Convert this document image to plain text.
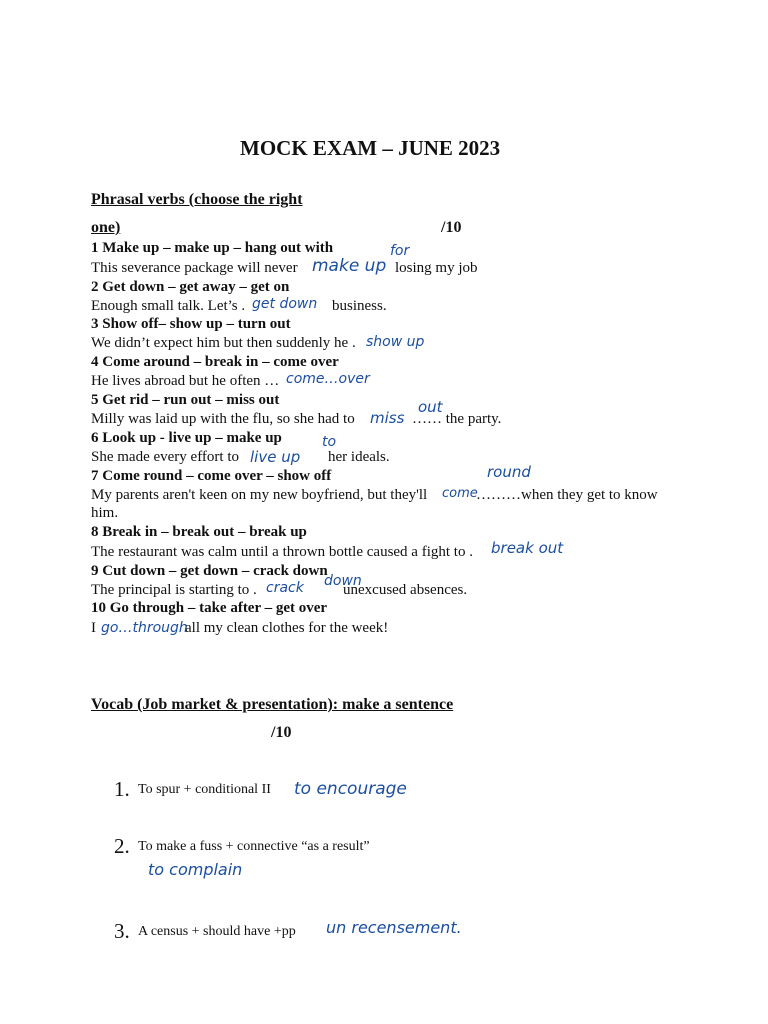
MOCK EXAM – JUNE 2023
Phrasal verbs (choose the right
one)	/10
1 Make up – make up – hang out with
This severance package will never make up
for
losing my job
2 Get down – get away – get on
Enough small talk. Let’s . get down business.
3 Show off– show up – turn out
We didn’t expect him but then suddenly he . show up
4 Come around – break in – come over
He lives abroad but he often … come…over
5 Get rid – run out – miss out
Milly was laid up with the flu, so she had to miss
out
…… the party.
6 Look up - live up – make up
She made every effort to live up
to
her ideals.
7 Come round – come over – show off
My parents aren't keen on my new boyfriend, but they'll come
round
………when they get to know
him.
8 Break in – break out – break up
The restaurant was calm until a thrown bottle caused a fight to . break out
9 Cut down – get down – crack down
The principal is starting to . crack down
unexcused absences.
10 Go through – take after – get over
I go…through
all my clean clothes for the week!
Vocab (Job market & presentation): make a sentence
/10
1. To spur + conditional II to encourage
2. To make a fuss + connective “as a result”
to complain
3. A census + should have +pp un recensement.
